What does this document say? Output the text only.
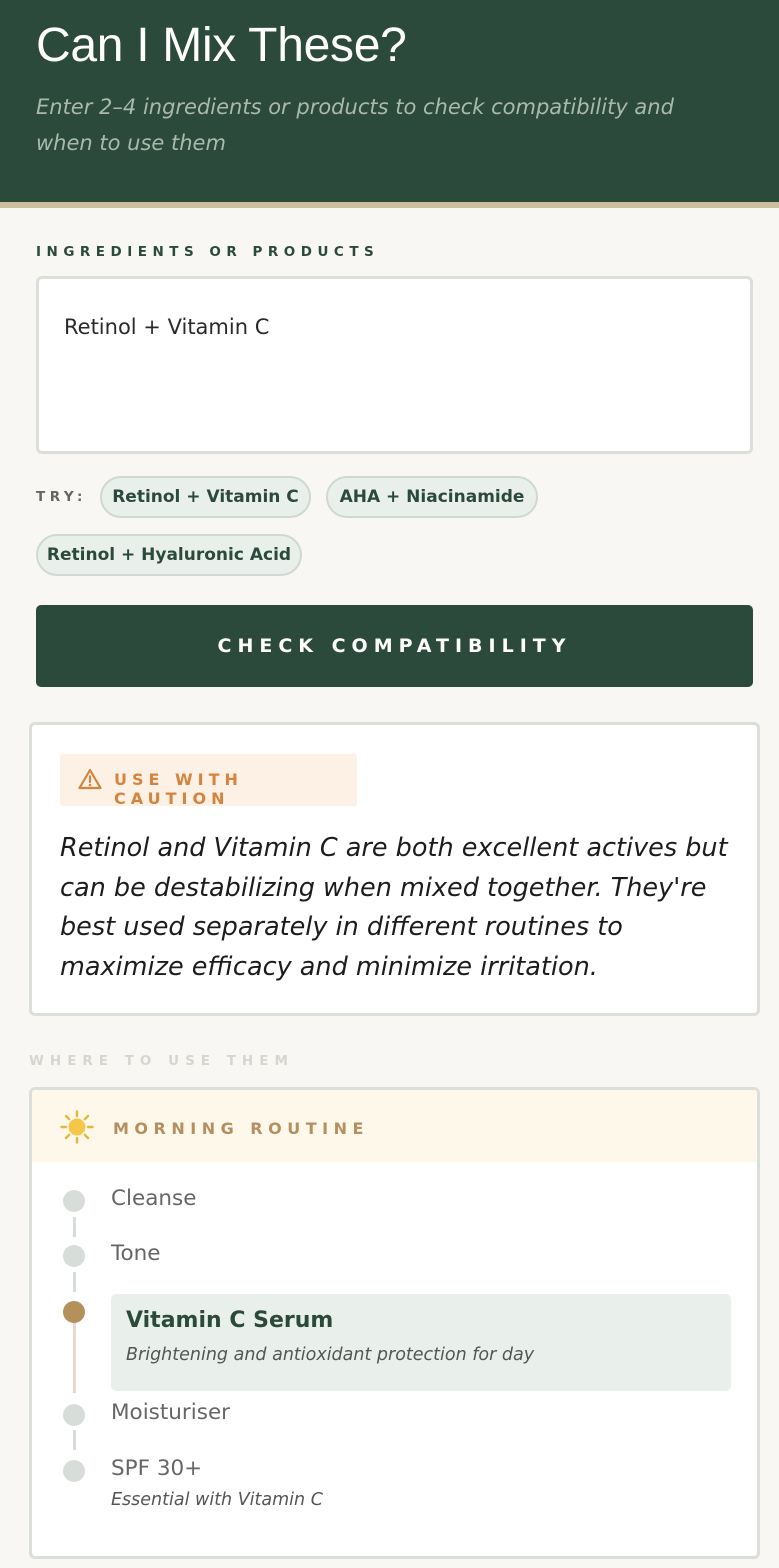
Can I Mix These?

Enter 2–4 ingredients or products to check compatibility and when to use them

INGREDIENTS OR PRODUCTS
Retinol + Vitamin C
TRY:	Retinol + Vitamin C	AHA + Niacinamide
Retinol + Hyaluronic Acid
CHECK COMPATIBILITY
USE WITH CAUTION

Retinol and Vitamin C are both excellent actives but can be destabilizing when mixed together. They're best used separately in different routines to maximize efficacy and minimize irritation.

WHERE TO USE THEM
MORNING ROUTINE
Cleanse
Tone
Vitamin C Serum
Brightening and antioxidant protection for day
Moisturiser
SPF 30+
Essential with Vitamin C
